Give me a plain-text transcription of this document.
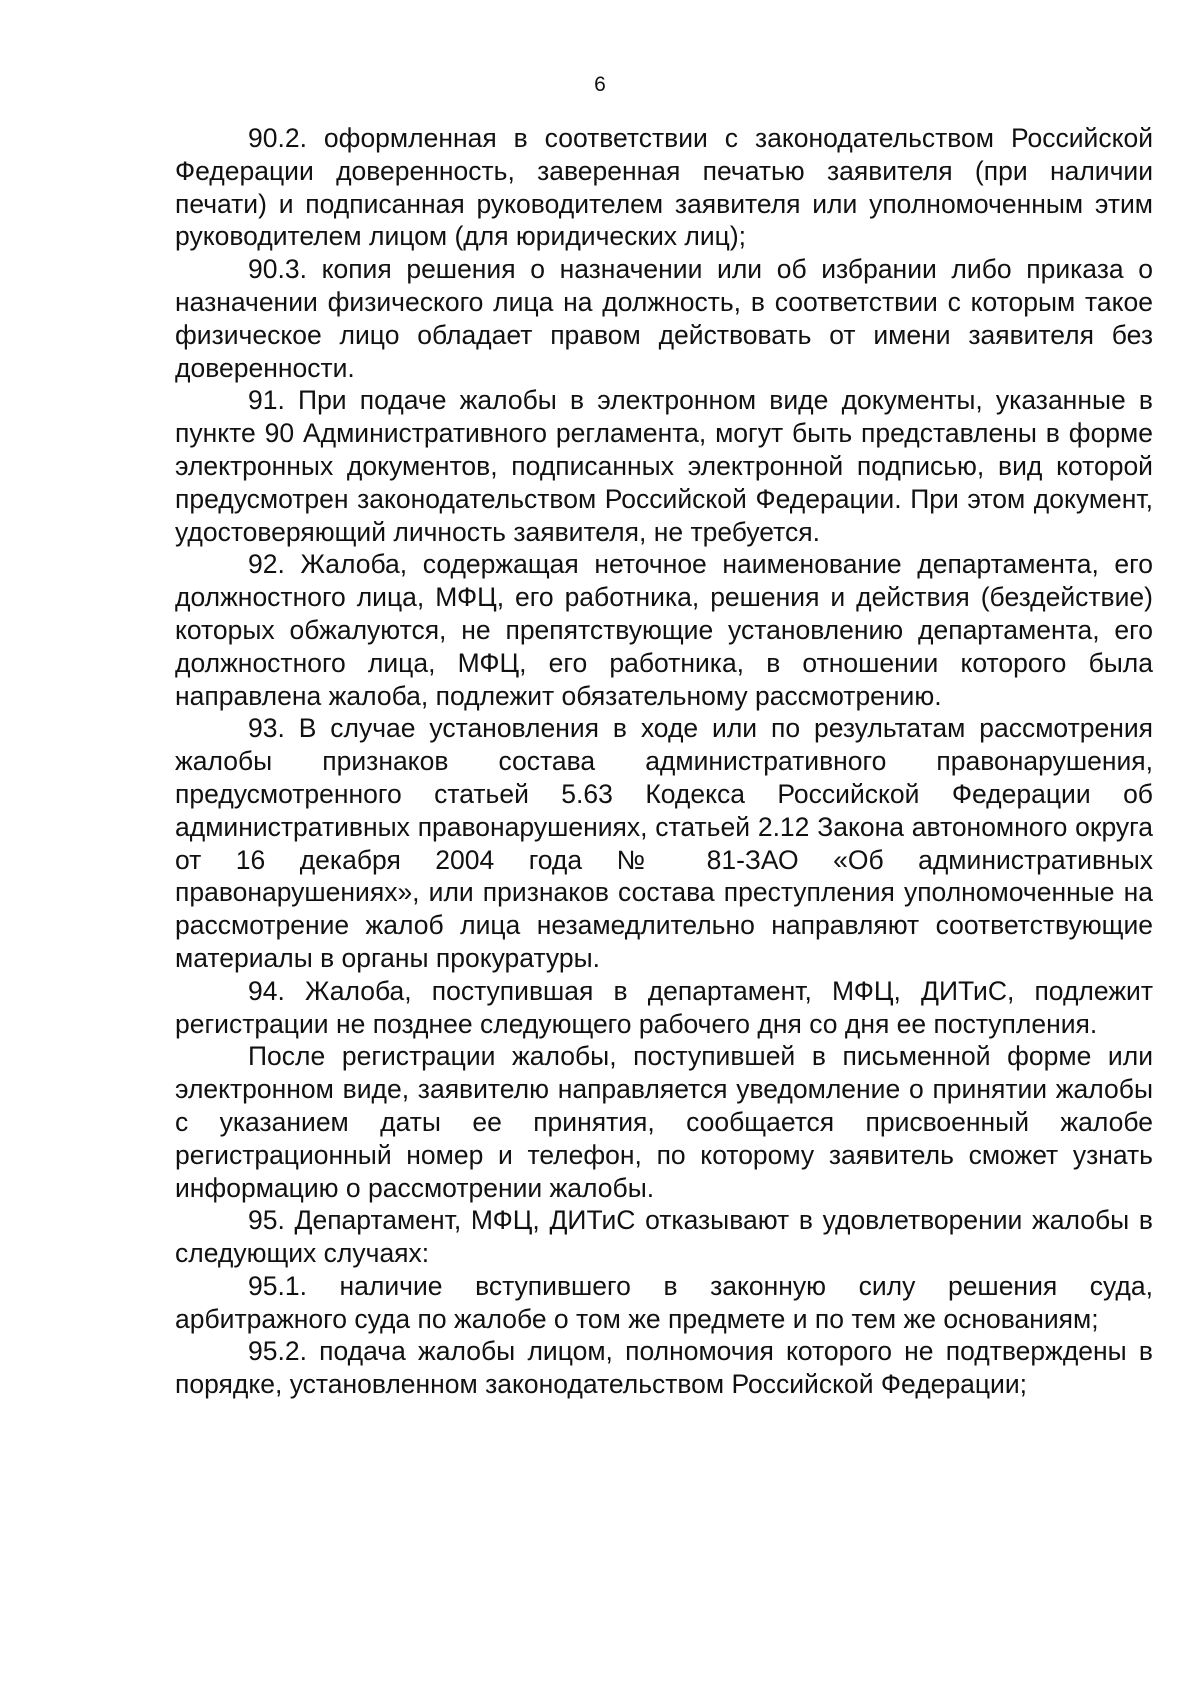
6

90.2. оформленная в соответствии с законодательством Российской Федерации доверенность, заверенная печатью заявителя (при наличии печати) и подписанная руководителем заявителя или уполномоченным этим руководителем лицом (для юридических лиц);

90.3. копия решения о назначении или об избрании либо приказа о назначении физического лица на должность, в соответствии с которым такое физическое лицо обладает правом действовать от имени заявителя без доверенности.

91. При подаче жалобы в электронном виде документы, указанные в пункте 90 Административного регламента, могут быть представлены в форме электронных документов, подписанных электронной подписью, вид которой предусмотрен законодательством Российской Федерации. При этом документ, удостоверяющий личность заявителя, не требуется.

92. Жалоба, содержащая неточное наименование департамента, его должностного лица, МФЦ, его работника, решения и действия (бездействие) которых обжалуются, не препятствующие установлению департамента, его должностного лица, МФЦ, его работника, в отношении которого была направлена жалоба, подлежит обязательному рассмотрению.

93. В случае установления в ходе или по результатам рассмотрения жалобы признаков состава административного правонарушения, предусмотренного статьей 5.63 Кодекса Российской Федерации об административных правонарушениях, статьей 2.12 Закона автономного округа от 16 декабря 2004 года № 81-ЗАО «Об административных правонарушениях», или признаков состава преступления уполномоченные на рассмотрение жалоб лица незамедлительно направляют соответствующие материалы в органы прокуратуры.

94. Жалоба, поступившая в департамент, МФЦ, ДИТиС, подлежит регистрации не позднее следующего рабочего дня со дня ее поступления.

После регистрации жалобы, поступившей в письменной форме или электронном виде, заявителю направляется уведомление о принятии жалобы с указанием даты ее принятия, сообщается присвоенный жалобе регистрационный номер и телефон, по которому заявитель сможет узнать информацию о рассмотрении жалобы.

95. Департамент, МФЦ, ДИТиС отказывают в удовлетворении жалобы в следующих случаях:

95.1. наличие вступившего в законную силу решения суда, арбитражного суда по жалобе о том же предмете и по тем же основаниям;

95.2. подача жалобы лицом, полномочия которого не подтверждены в порядке, установленном законодательством Российской Федерации;
